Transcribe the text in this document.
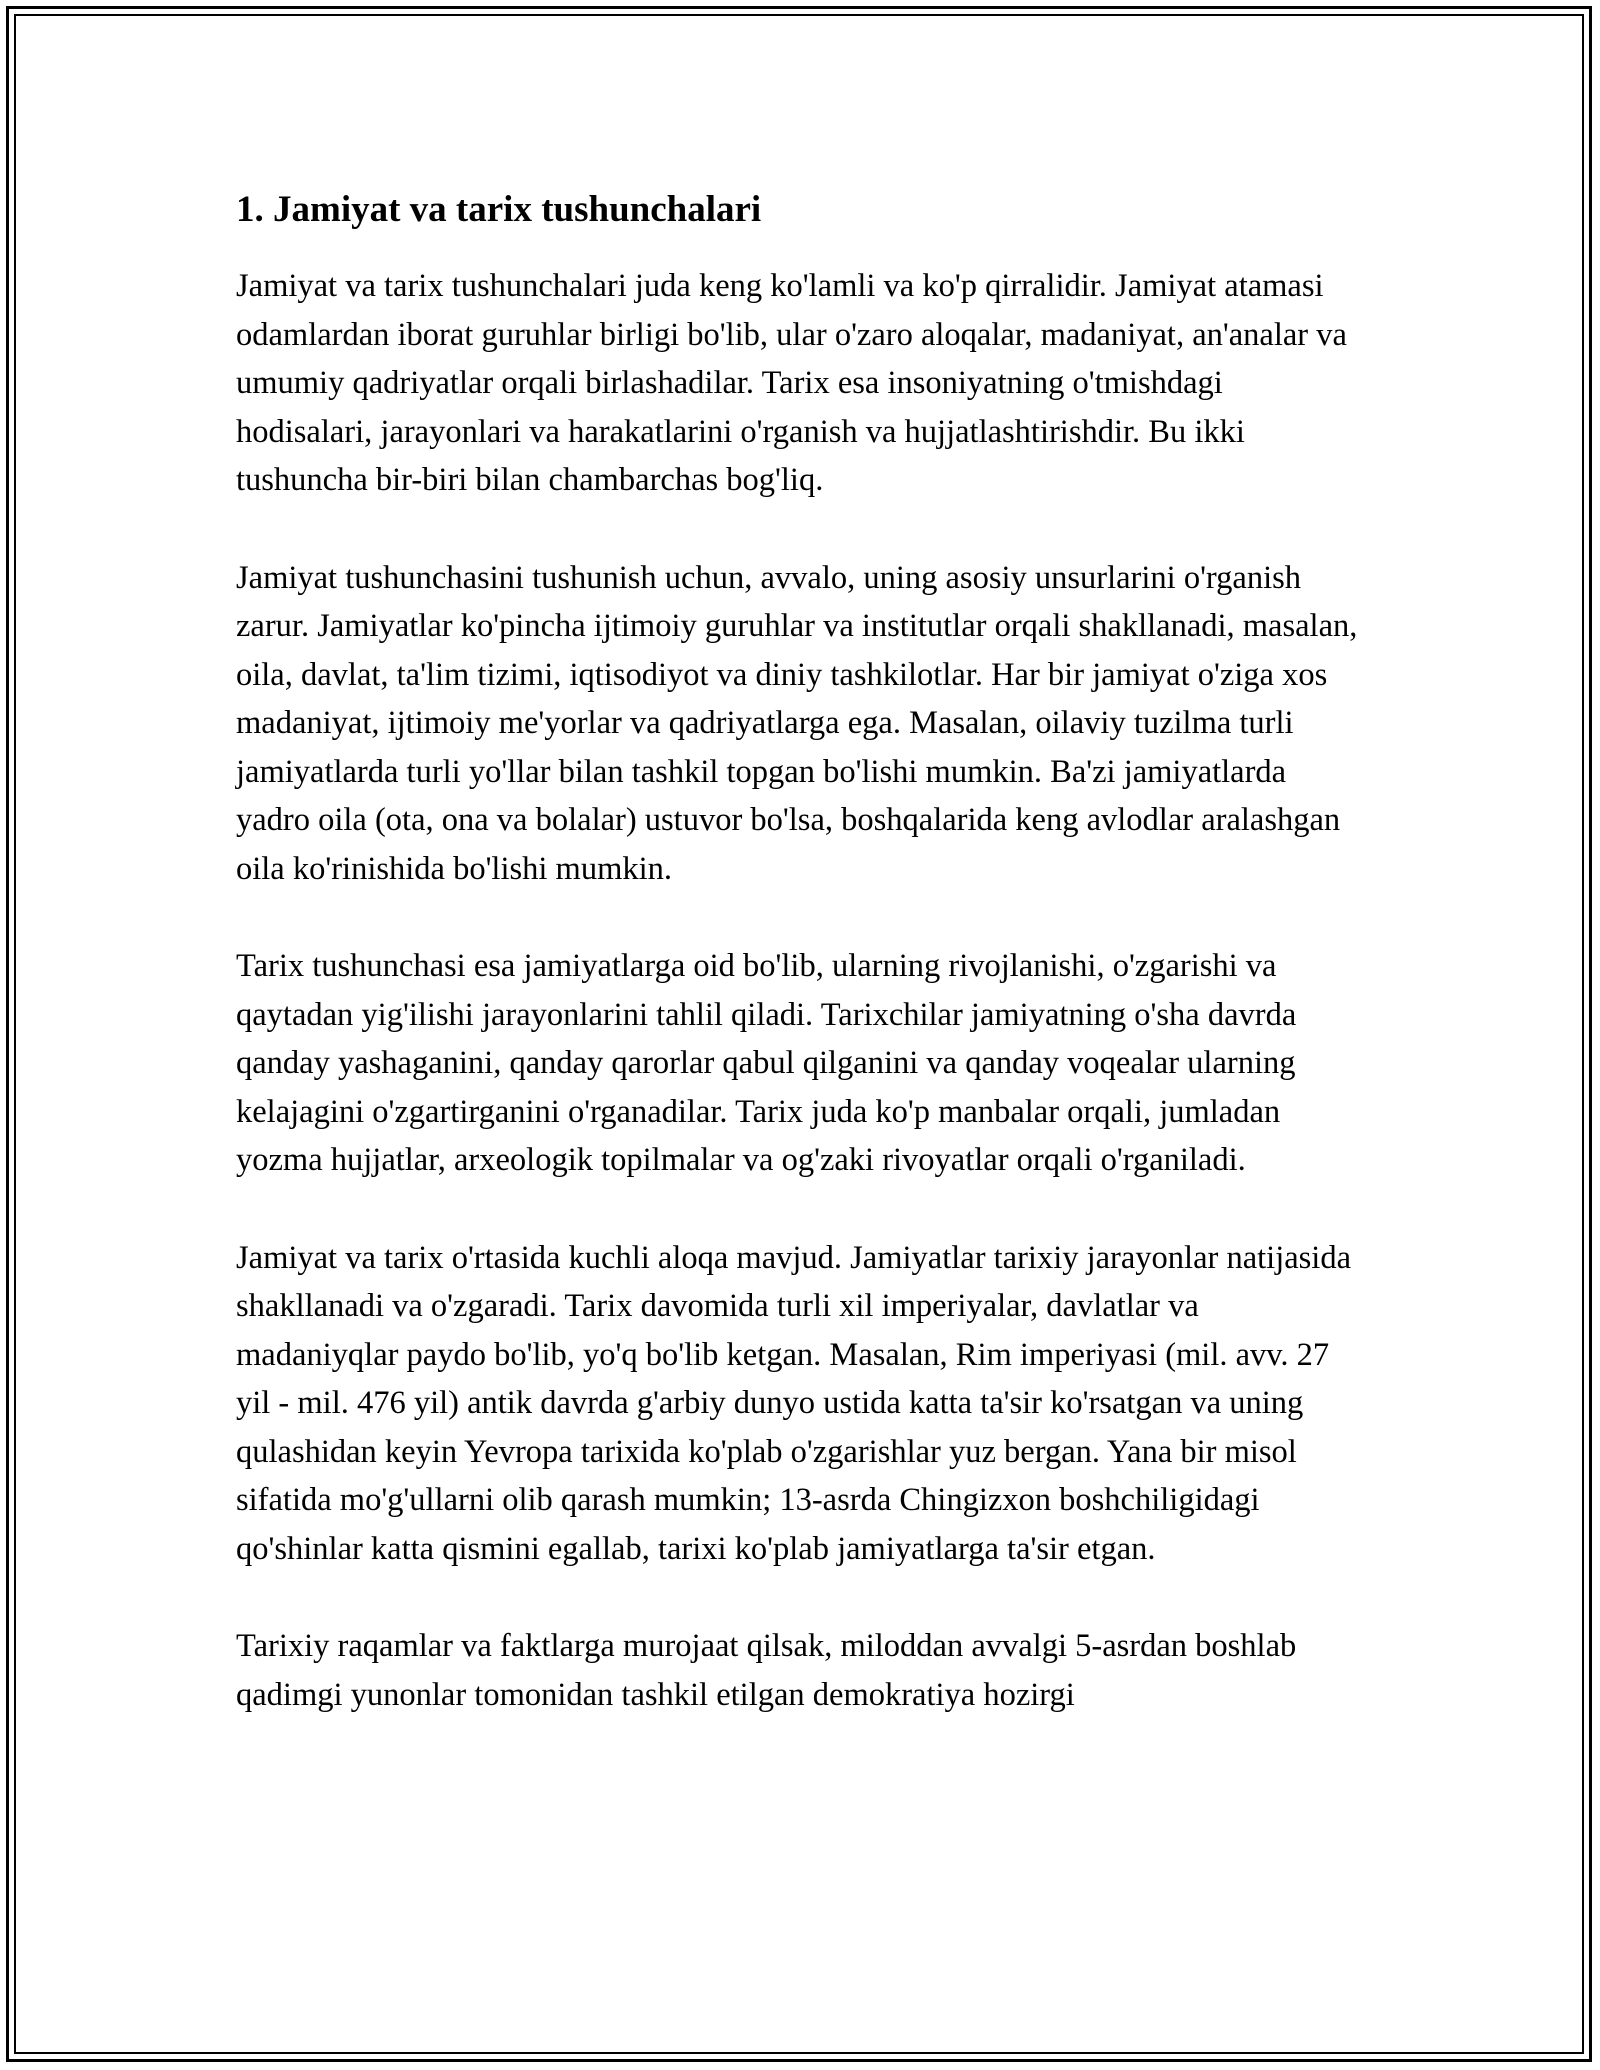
1. Jamiyat va tarix tushunchalari

Jamiyat va tarix tushunchalari juda keng ko'lamli va ko'p qirralidir. Jamiyat atamasi odamlardan iborat guruhlar birligi bo'lib, ular o'zaro aloqalar, madaniyat, an'analar va umumiy qadriyatlar orqali birlashadilar. Tarix esa insoniyatning o'tmishdagi hodisalari, jarayonlari va harakatlarini o'rganish va hujjatlashtirishdir. Bu ikki tushuncha bir-biri bilan chambarchas bog'liq.

Jamiyat tushunchasini tushunish uchun, avvalo, uning asosiy unsurlarini o'rganish zarur. Jamiyatlar ko'pincha ijtimoiy guruhlar va institutlar orqali shakllanadi, masalan, oila, davlat, ta'lim tizimi, iqtisodiyot va diniy tashkilotlar. Har bir jamiyat o'ziga xos madaniyat, ijtimoiy me'yorlar va qadriyatlarga ega. Masalan, oilaviy tuzilma turli jamiyatlarda turli yo'llar bilan tashkil topgan bo'lishi mumkin. Ba'zi jamiyatlarda yadro oila (ota, ona va bolalar) ustuvor bo'lsa, boshqalarida keng avlodlar aralashgan oila ko'rinishida bo'lishi mumkin.

Tarix tushunchasi esa jamiyatlarga oid bo'lib, ularning rivojlanishi, o'zgarishi va qaytadan yig'ilishi jarayonlarini tahlil qiladi. Tarixchilar jamiyatning o'sha davrda qanday yashaganini, qanday qarorlar qabul qilganini va qanday voqealar ularning kelajagini o'zgartirganini o'rganadilar. Tarix juda ko'p manbalar orqali, jumladan yozma hujjatlar, arxeologik topilmalar va og'zaki rivoyatlar orqali o'rganiladi.

Jamiyat va tarix o'rtasida kuchli aloqa mavjud. Jamiyatlar tarixiy jarayonlar natijasida shakllanadi va o'zgaradi. Tarix davomida turli xil imperiyalar, davlatlar va madaniyqlar paydo bo'lib, yo'q bo'lib ketgan. Masalan, Rim imperiyasi (mil. avv. 27 yil - mil. 476 yil) antik davrda g'arbiy dunyo ustida katta ta'sir ko'rsatgan va uning qulashidan keyin Yevropa tarixida ko'plab o'zgarishlar yuz bergan. Yana bir misol sifatida mo'g'ullarni olib qarash mumkin; 13-asrda Chingizxon boshchiligidagi qo'shinlar katta qismini egallab, tarixi ko'plab jamiyatlarga ta'sir etgan.

Tarixiy raqamlar va faktlarga murojaat qilsak, miloddan avvalgi 5-asrdan boshlab qadimgi yunonlar tomonidan tashkil etilgan demokratiya hozirgi
